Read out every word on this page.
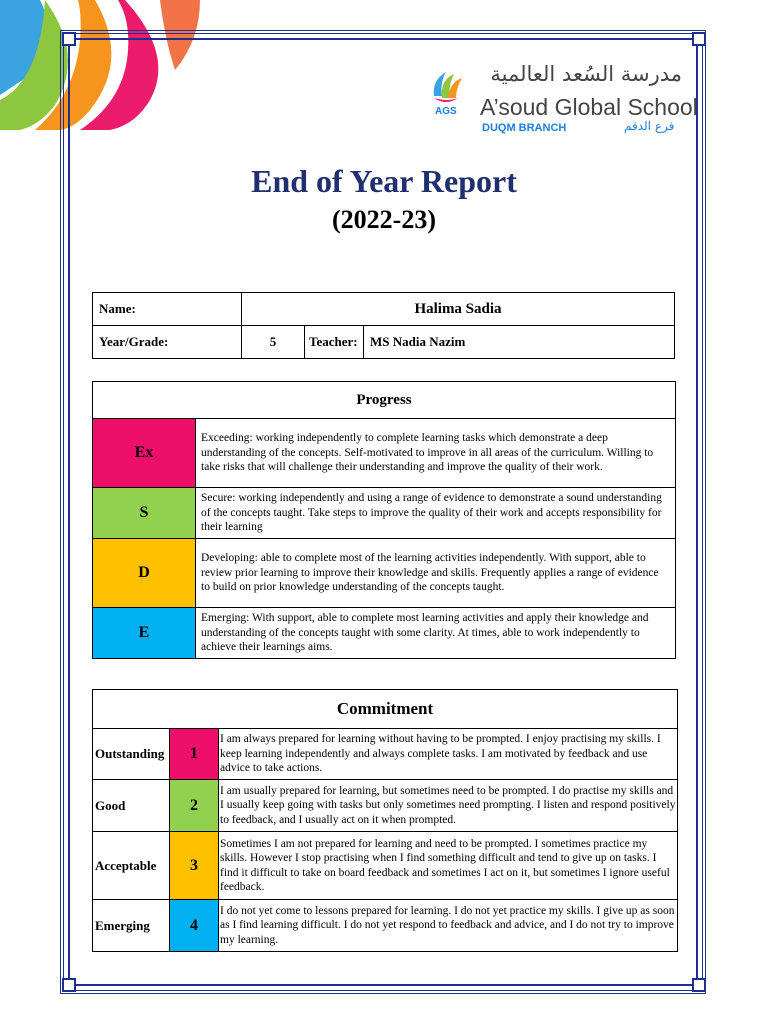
AGS
مدرسة السُعد العالمية
A’soud Global School
DUQM BRANCH	فرع الدقم
End of Year Report
(2022-23)
Name:	Halima Sadia		
Year/Grade:	5	Teacher:	MS Nadia Nazim
Progress	
Ex	Exceeding: working independently to complete learning tasks which demonstrate a deep understanding of the concepts. Self-motivated to improve in all areas of the curriculum. Willing to take risks that will challenge their understanding and improve the quality of their work.
S	Secure: working independently and using a range of evidence to demonstrate a sound understanding of the concepts taught. Take steps to improve the quality of their work and accepts responsibility for their learning
D	Developing: able to complete most of the learning activities independently. With support, able to review prior learning to improve their knowledge and skills. Frequently applies a range of evidence to build on prior knowledge understanding of the concepts taught.
E	Emerging: With support, able to complete most learning activities and apply their knowledge and understanding of the concepts taught with some clarity. At times, able to work independently to achieve their learnings aims.
Commitment		
Outstanding	1	I am always prepared for learning without having to be prompted. I enjoy practising my skills. I keep learning independently and always complete tasks. I am motivated by feedback and use advice to take actions.
Good	2	I am usually prepared for learning, but sometimes need to be prompted. I do practise my skills and I usually keep going with tasks but only sometimes need prompting. I listen and respond positively to feedback, and I usually act on it when prompted.
Acceptable	3	Sometimes I am not prepared for learning and need to be prompted. I sometimes practice my skills. However I stop practising when I find something difficult and tend to give up on tasks. I find it difficult to take on board feedback and sometimes I act on it, but sometimes I ignore useful feedback.
Emerging	4	I do not yet come to lessons prepared for learning. I do not yet practice my skills. I give up as soon as I find learning difficult. I do not yet respond to feedback and advice, and I do not try to improve my learning.
